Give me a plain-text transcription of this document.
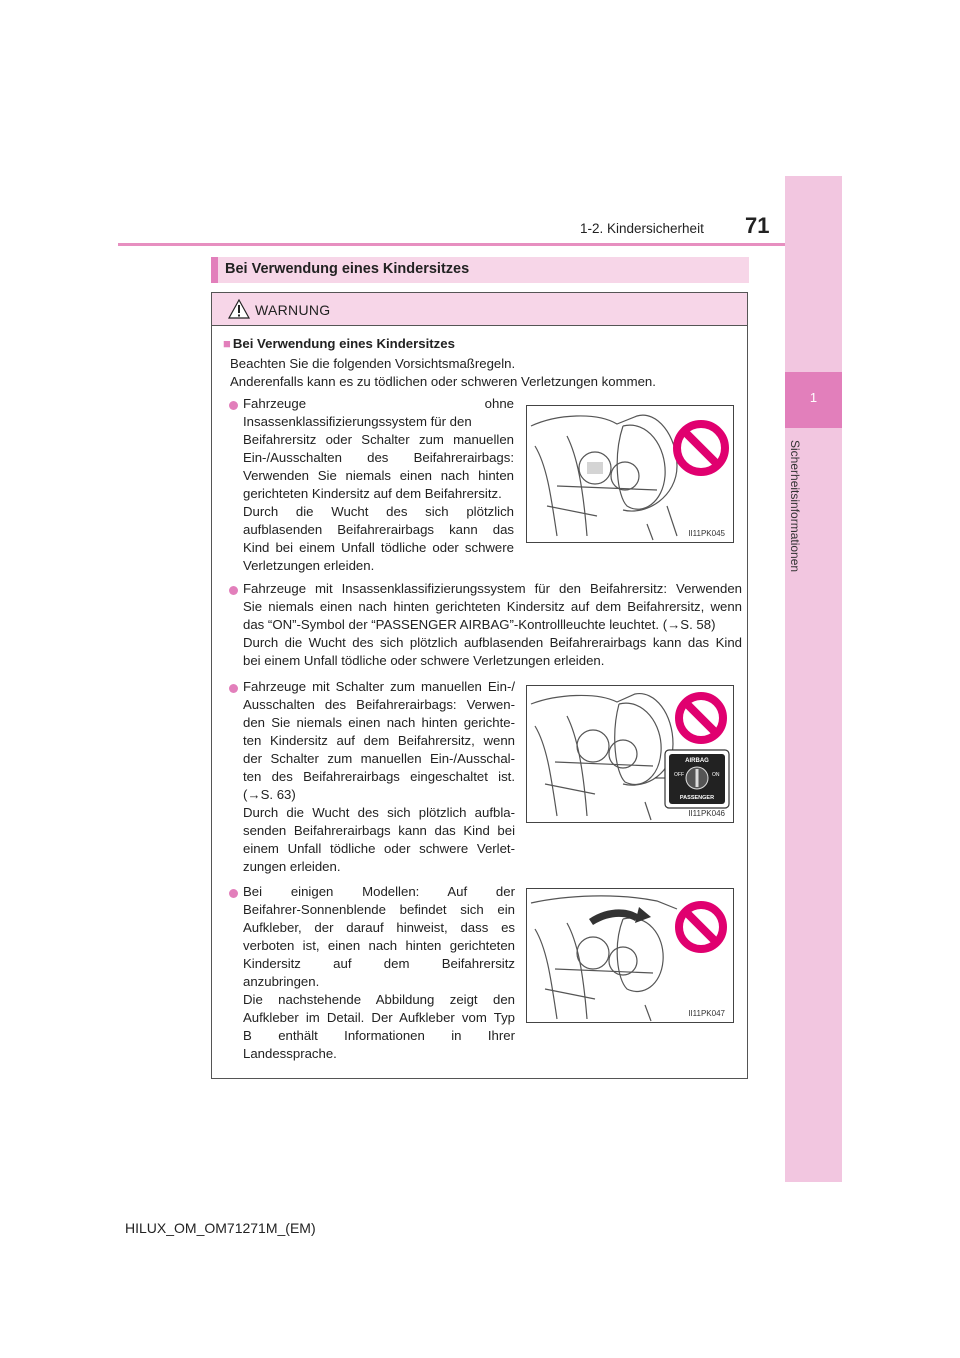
1-2. Kindersicherheit 71
1
Sicherheitsinformationen
Bei Verwendung eines Kindersitzes
WARNUNG
■ Bei Verwendung eines Kindersitzes
Beachten Sie die folgenden Vorsichtsmaßregeln.
Anderenfalls kann es zu tödlichen oder schweren Verletzungen kommen.
Fahrzeuge ohne
Insassenklassifizierungssystem für den
Beifahrersitz oder Schalter zum manuellen
Ein-/Ausschalten des Beifahrerairbags:
Verwenden Sie niemals einen nach hinten
gerichteten Kindersitz auf dem Beifahrersitz.
Durch die Wucht des sich plötzlich
aufblasenden Beifahrerairbags kann das
Kind bei einem Unfall tödliche oder schwere
Verletzungen erleiden.
II11PK045
Fahrzeuge mit Insassenklassifizierungssystem für den Beifahrersitz: Verwenden
Sie niemals einen nach hinten gerichteten Kindersitz auf dem Beifahrersitz, wenn
das “ON”-Symbol der “PASSENGER AIRBAG”-Kontrollleuchte leuchtet. (→S. 58)
Durch die Wucht des sich plötzlich aufblasenden Beifahrerairbags kann das Kind
bei einem Unfall tödliche oder schwere Verletzungen erleiden.
Fahrzeuge mit Schalter zum manuellen Ein-/
Ausschalten des Beifahrerairbags: Verwen-
den Sie niemals einen nach hinten gerichte-
ten Kindersitz auf dem Beifahrersitz, wenn
der Schalter zum manuellen Ein-/Ausschal-
ten des Beifahrerairbags eingeschaltet ist.
(→S. 63)
Durch die Wucht des sich plötzlich aufbla-
senden Beifahrerairbags kann das Kind bei
einem Unfall tödliche oder schwere Verlet-
zungen erleiden.
AIRBAG
OFF	ON
PASSENGER
II11PK046
Bei einigen Modellen: Auf der
Beifahrer-Sonnenblende befindet sich ein
Aufkleber, der darauf hinweist, dass es
verboten ist, einen nach hinten gerichteten
Kindersitz auf dem Beifahrersitz
anzubringen.
Die nachstehende Abbildung zeigt den
Aufkleber im Detail. Der Aufkleber vom Typ
B enthält Informationen in Ihrer
Landessprache.
II11PK047
HILUX_OM_OM71271M_(EM)
